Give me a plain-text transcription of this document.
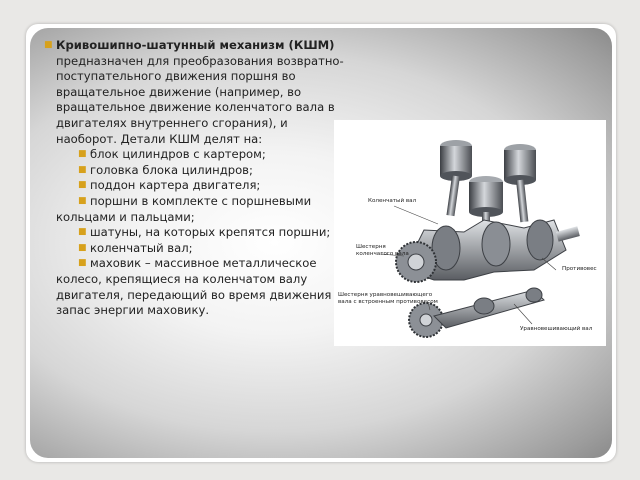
■ Кривошипно-шатунный механизм (КШМ) предназначен для преобразования возвратно-поступательного движения поршня во вращательное движение (например, во вращательное движение коленчатого вала в двигателях внутреннего сгорания), и наоборот. Детали КШМ делят на:

■ блок цилиндров с картером;

■ головка блока цилиндров;

■ поддон картера двигателя;

■ поршни в комплекте с поршневыми кольцами и пальцами;

■ шатуны, на которых крепятся поршни;

■ коленчатый вал;

■ маховик – массивное металлическое колесо, крепящиеся на коленчатом валу двигателя, передающий во время движения запас энергии маховику.

Коленчатый вал
Шестерня коленчатого вала
Противовес
Шестерня уравновешивающего вала с встроенным противовесом
Уравновешивающий вал
